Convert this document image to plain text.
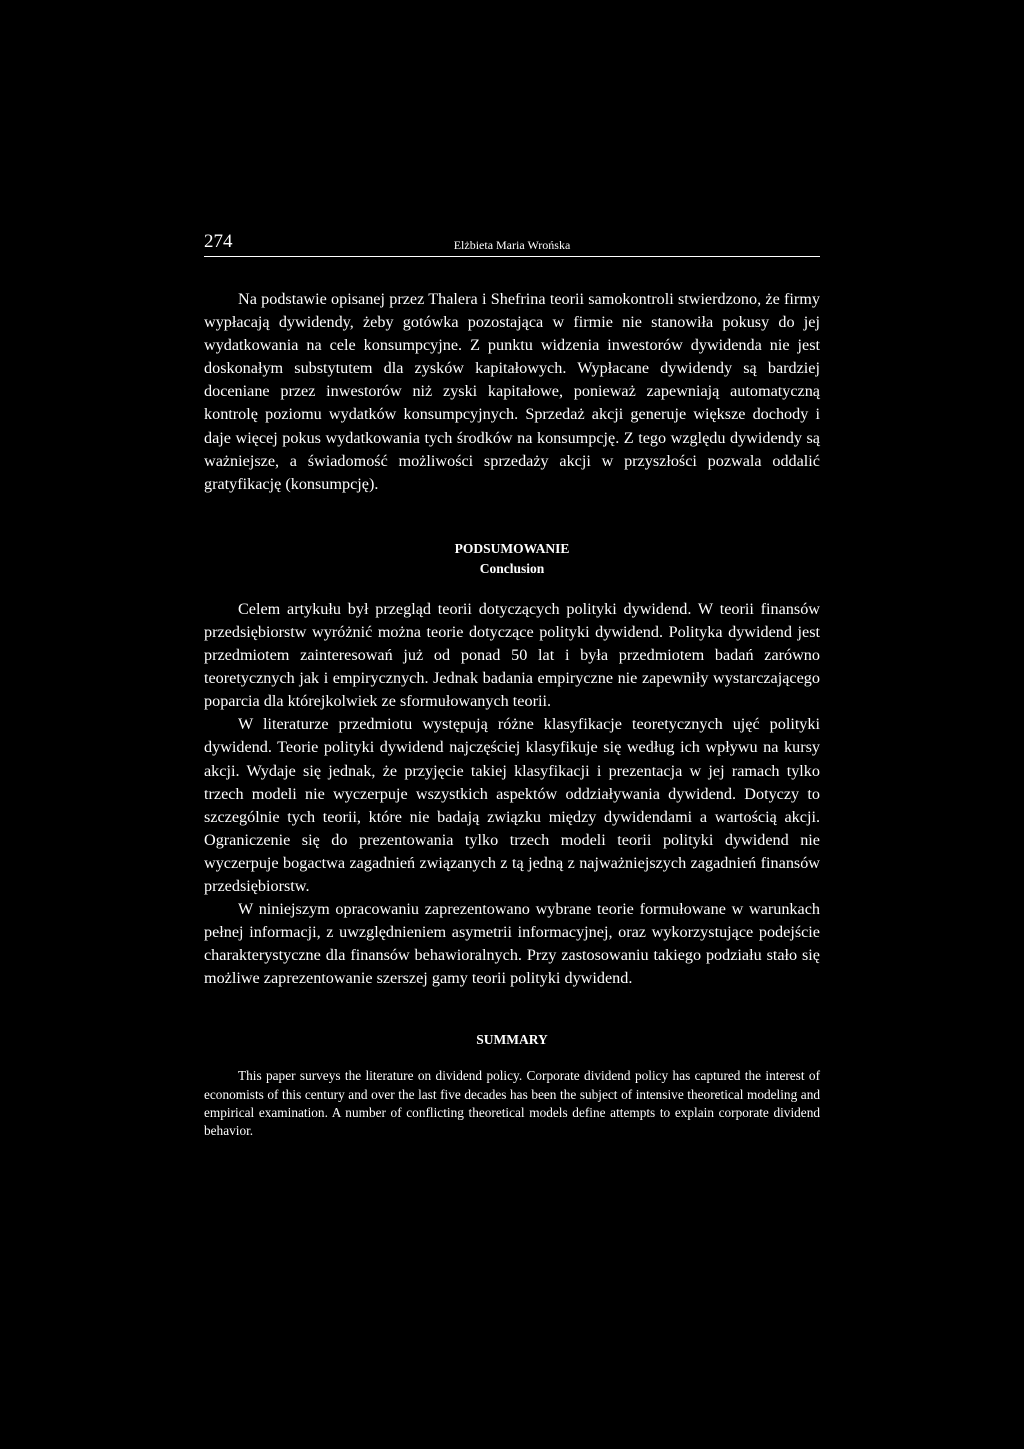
274	Elżbieta Maria Wrońska

Na podstawie opisanej przez Thalera i Shefrina teorii samokontroli stwierdzono, że firmy wypłacają dywidendy, żeby gotówka pozostająca w firmie nie stanowiła pokusy do jej wydatkowania na cele konsumpcyjne. Z punktu widzenia inwestorów dywidenda nie jest doskonałym substytutem dla zysków kapitałowych. Wypłacane dywidendy są bardziej doceniane przez inwestorów niż zyski kapitałowe, ponieważ zapewniają automatyczną kontrolę poziomu wydatków konsumpcyjnych. Sprzedaż akcji generuje większe dochody i daje więcej pokus wydatkowania tych środków na konsumpcję. Z tego względu dywidendy są ważniejsze, a świadomość możliwości sprzedaży akcji w przyszłości pozwala oddalić gratyfikację (konsumpcję).

PODSUMOWANIE
Conclusion

Celem artykułu był przegląd teorii dotyczących polityki dywidend. W teorii finansów przedsiębiorstw wyróżnić można teorie dotyczące polityki dywidend. Polityka dywidend jest przedmiotem zainteresowań już od ponad 50 lat i była przedmiotem badań zarówno teoretycznych jak i empirycznych. Jednak badania empiryczne nie zapewniły wystarczającego poparcia dla którejkolwiek ze sformułowanych teorii.

W literaturze przedmiotu występują różne klasyfikacje teoretycznych ujęć polityki dywidend. Teorie polityki dywidend najczęściej klasyfikuje się według ich wpływu na kursy akcji. Wydaje się jednak, że przyjęcie takiej klasyfikacji i prezentacja w jej ramach tylko trzech modeli nie wyczerpuje wszystkich aspektów oddziaływania dywidend. Dotyczy to szczególnie tych teorii, które nie badają związku między dywidendami a wartością akcji. Ograniczenie się do prezentowania tylko trzech modeli teorii polityki dywidend nie wyczerpuje bogactwa zagadnień związanych z tą jedną z najważniejszych zagadnień finansów przedsiębiorstw.

W niniejszym opracowaniu zaprezentowano wybrane teorie formułowane w warunkach pełnej informacji, z uwzględnieniem asymetrii informacyjnej, oraz wykorzystujące podejście charakterystyczne dla finansów behawioralnych. Przy zastosowaniu takiego podziału stało się możliwe zaprezentowanie szerszej gamy teorii polityki dywidend.

SUMMARY

This paper surveys the literature on dividend policy. Corporate dividend policy has captured the interest of economists of this century and over the last five decades has been the subject of intensive theoretical modeling and empirical examination. A number of conflicting theoretical models define attempts to explain corporate dividend behavior.
